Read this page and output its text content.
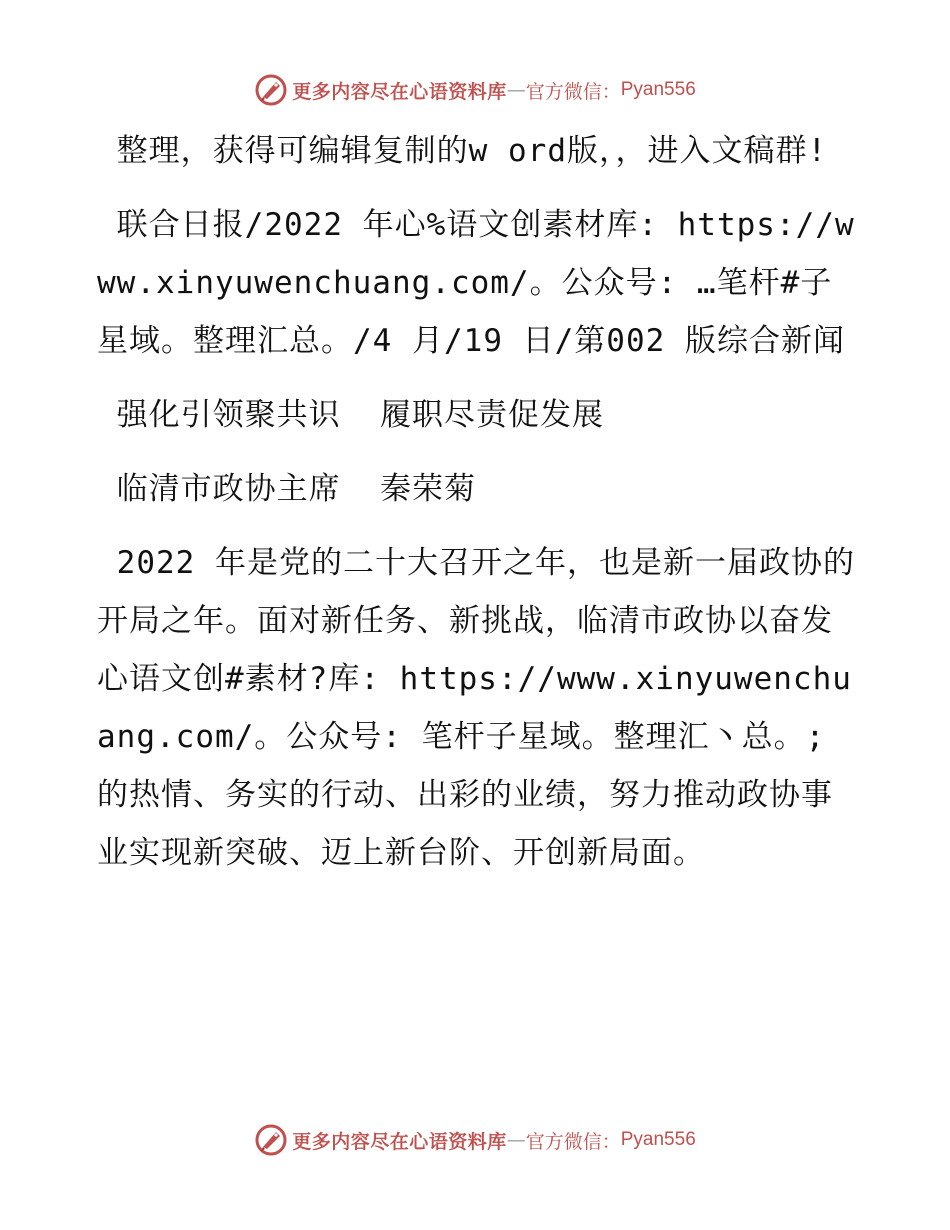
更多内容尽在心语资料库 — 官方微信： Pyan556

整理，获得可编辑复制的w ord版，，进入文稿群!

联合日报/2022 年心%语文创素材库: https://www.xinyuwenchuang.com/。公众号: …笔杆#子星域。整理汇总。/4 月/19 日/第002 版综合新闻

强化引领聚共识  履职尽责促发展

临清市政协主席  秦荣菊

2022 年是党的二十大召开之年，也是新一届政协的开局之年。面对新任务、新挑战，临清市政协以奋发心语文创#素材?库: https://www.xinyuwenchuang.com/。公众号: 笔杆子星域。整理汇丶总。;的热情、务实的行动、出彩的业绩，努力推动政协事业实现新突破、迈上新台阶、开创新局面。

更多内容尽在心语资料库 — 官方微信： Pyan556
